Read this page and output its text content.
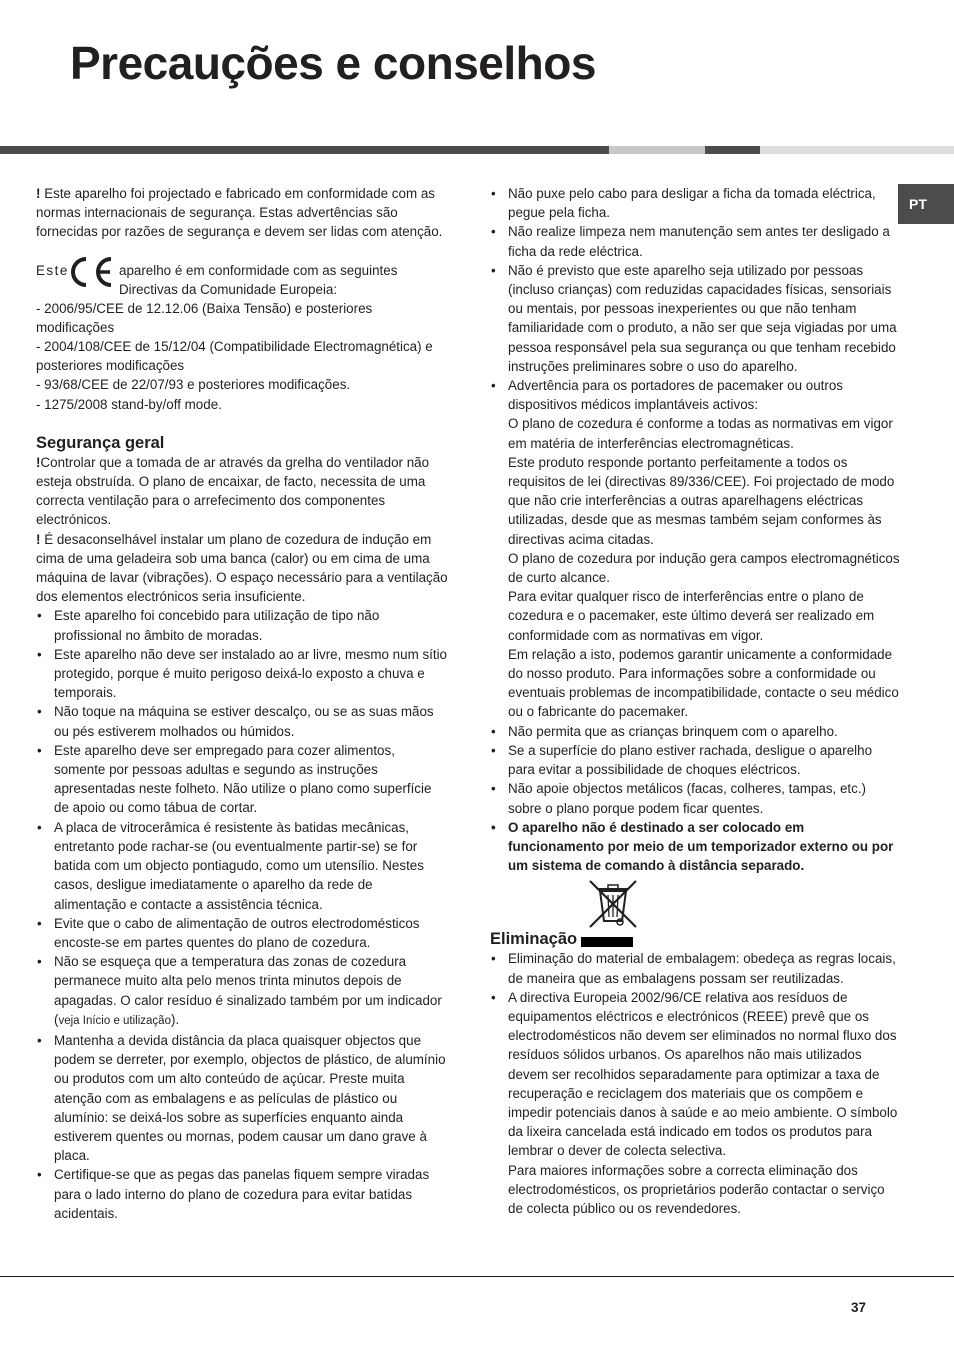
Precauções e conselhos
PT

! Este aparelho foi projectado e fabricado em conformidade com as normas internacionais de segurança. Estas advertências são fornecidas por razões de segurança e devem ser lidas com atenção.

Este	aparelho é em conformidade com as seguintes Directivas da Comunidade Europeia:

- 2006/95/CEE de 12.12.06 (Baixa Tensão) e posteriores modificações

- 2004/108/CEE de 15/12/04 (Compatibilidade Electromagnética) e posteriores modificações

- 93/68/CEE de 22/07/93 e posteriores modificações.

- 1275/2008 stand-by/off mode.

Segurança geral

!Controlar que a tomada de ar através da grelha do ventilador não esteja obstruída. O plano de encaixar, de facto, necessita de uma correcta ventilação para o arrefecimento dos componentes electrónicos.

! É desaconselhável instalar um plano de cozedura de indução em cima de uma geladeira sob uma banca (calor) ou em cima de uma máquina de lavar (vibrações). O espaço necessário para a ventilação dos elementos electrónicos seria insuficiente.

• Este aparelho foi concebido para utilização de tipo não profissional no âmbito de moradas.
• Este aparelho não deve ser instalado ao ar livre, mesmo num sítio protegido, porque é muito perigoso deixá-lo exposto a chuva e temporais.
• Não toque na máquina se estiver descalço, ou se as suas mãos ou pés estiverem molhados ou húmidos.
• Este aparelho deve ser empregado para cozer alimentos, somente por pessoas adultas e segundo as instruções apresentadas neste folheto. Não utilize o plano como superfície de apoio ou como tábua de cortar.
• A placa de vitrocerâmica é resistente às batidas mecânicas, entretanto pode rachar-se (ou eventualmente partir-se) se for batida com um objecto pontiagudo, como um utensílio. Nestes casos, desligue imediatamente o aparelho da rede de alimentação e contacte a assistência técnica.
• Evite que o cabo de alimentação de outros electrodomésticos encoste-se em partes quentes do plano de cozedura.
• Não se esqueça que a temperatura das zonas de cozedura permanece muito alta pelo menos trinta minutos depois de apagadas. O calor resíduo é sinalizado também por um indicador (veja Início e utilização).
• Mantenha a devida distância da placa quaisquer objectos que podem se derreter, por exemplo, objectos de plástico, de alumínio ou produtos com um alto conteúdo de açúcar. Preste muita atenção com as embalagens e as películas de plástico ou alumínio: se deixá-los sobre as superfícies enquanto ainda estiverem quentes ou mornas, podem causar um dano grave à placa.
• Certifique-se que as pegas das panelas fiquem sempre viradas para o lado interno do plano de cozedura para evitar batidas acidentais.
• Não puxe pelo cabo para desligar a ficha da tomada eléctrica, pegue pela ficha.
• Não realize limpeza nem manutenção sem antes ter desligado a ficha da rede eléctrica.
• Não é previsto que este aparelho seja utilizado por pessoas (incluso crianças) com reduzidas capacidades físicas, sensoriais ou mentais, por pessoas inexperientes ou que não tenham familiaridade com o produto, a não ser que seja vigiadas por uma pessoa responsável pela sua segurança ou que tenham recebido instruções preliminares sobre o uso do aparelho.

• Advertência para os portadores de pacemaker ou outros dispositivos médicos implantáveis activos:

O plano de cozedura é conforme a todas as normativas em vigor em matéria de interferências electromagnéticas.

Este produto responde portanto perfeitamente a todos os requisitos de lei (directivas 89/336/CEE). Foi projectado de modo que não crie interferências a outras aparelhagens eléctricas utilizadas, desde que as mesmas também sejam conformes às directivas acima citadas.

O plano de cozedura por indução gera campos electromagnéticos de curto alcance.

Para evitar qualquer risco de interferências entre o plano de cozedura e o pacemaker, este último deverá ser realizado em conformidade com as normativas em vigor.

Em relação a isto, podemos garantir unicamente a conformidade do nosso produto. Para informações sobre a conformidade ou eventuais problemas de incompatibilidade, contacte o seu médico ou o fabricante do pacemaker.

• Não permita que as crianças brinquem com o aparelho.
• Se a superfície do plano estiver rachada, desligue o aparelho para evitar a possibilidade de choques eléctricos.
• Não apoie objectos metálicos (facas, colheres, tampas, etc.) sobre o plano porque podem ficar quentes.
• O aparelho não é destinado a ser colocado em funcionamento por meio de um temporizador externo ou por um sistema de comando à distância separado.
Eliminação
• Eliminação do material de embalagem: obedeça as regras locais, de maneira que as embalagens possam ser reutilizadas.

• A directiva Europeia 2002/96/CE relativa aos resíduos de equipamentos eléctricos e electrónicos (REEE) prevê que os electrodomésticos não devem ser eliminados no normal fluxo dos resíduos sólidos urbanos. Os aparelhos não mais utilizados devem ser recolhidos separadamente para optimizar a taxa de recuperação e reciclagem dos materiais que os compõem e impedir potenciais danos à saúde e ao meio ambiente. O símbolo da lixeira cancelada está indicado em todos os produtos para lembrar o dever de colecta selectiva.

Para maiores informações sobre a correcta eliminação dos electrodomésticos, os proprietários poderão contactar o serviço de colecta público ou os revendedores.

37
